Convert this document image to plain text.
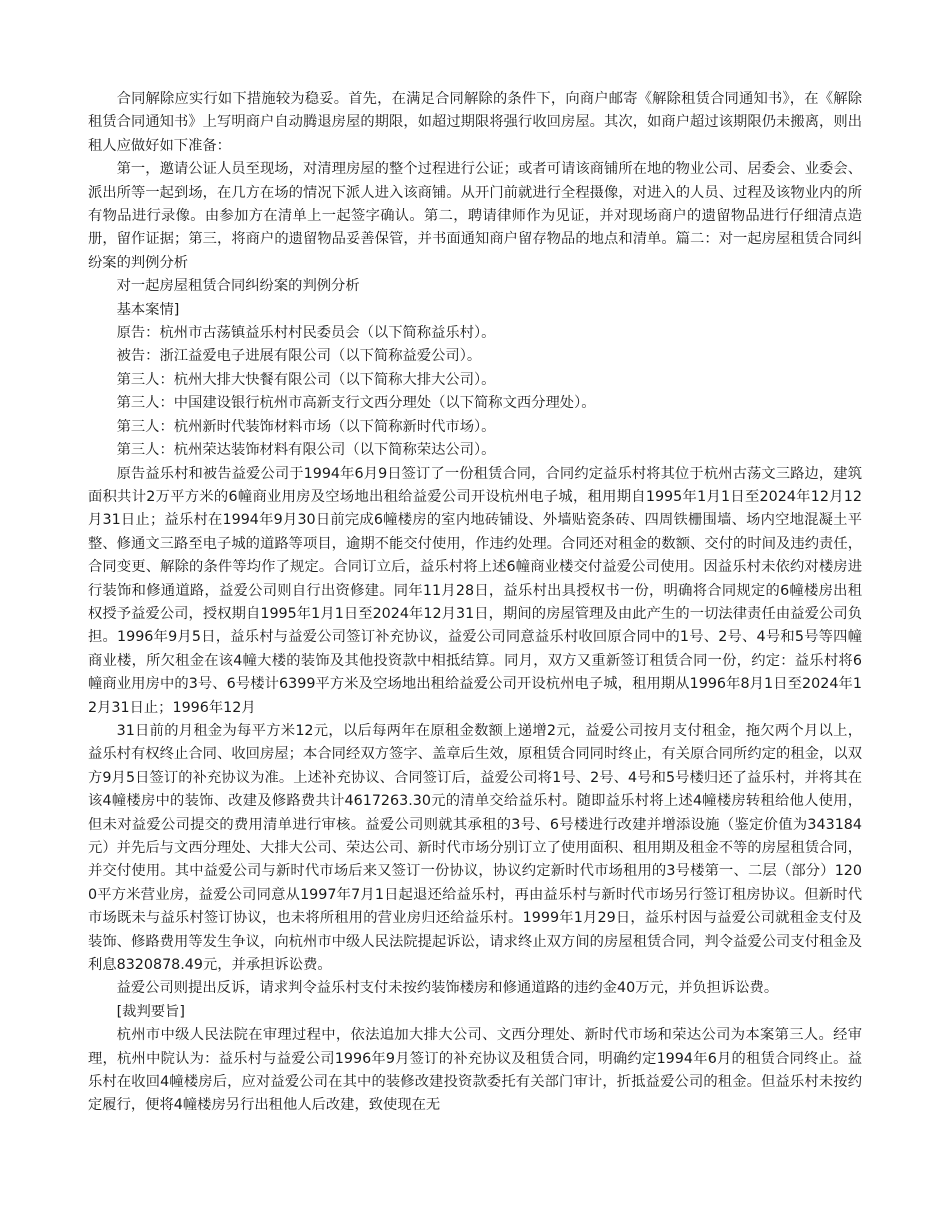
合同解除应实行如下措施较为稳妥。首先，在满足合同解除的条件下，向商户邮寄《解除租赁合同通知书》，在《解除租赁合同通知书》上写明商户自动腾退房屋的期限，如超过期限将强行收回房屋。其次，如商户超过该期限仍未搬离，则出租人应做好如下准备：

第一，邀请公证人员至现场，对清理房屋的整个过程进行公证；或者可请该商铺所在地的物业公司、居委会、业委会、派出所等一起到场，在几方在场的情况下派人进入该商铺。从开门前就进行全程摄像，对进入的人员、过程及该物业内的所有物品进行录像。由参加方在清单上一起签字确认。第二，聘请律师作为见证，并对现场商户的遗留物品进行仔细清点造册，留作证据；第三，将商户的遗留物品妥善保管，并书面通知商户留存物品的地点和清单。篇二：对一起房屋租赁合同纠纷案的判例分析

对一起房屋租赁合同纠纷案的判例分析

基本案情]

原告：杭州市古荡镇益乐村村民委员会（以下简称益乐村）。

被告：浙江益爱电子进展有限公司（以下简称益爱公司）。

第三人：杭州大排大快餐有限公司（以下简称大排大公司）。

第三人：中国建设银行杭州市高新支行文西分理处（以下简称文西分理处）。

第三人：杭州新时代装饰材料市场（以下简称新时代市场）。

第三人：杭州荣达装饰材料有限公司（以下简称荣达公司）。

原告益乐村和被告益爱公司于1994年6月9日签订了一份租赁合同，合同约定益乐村将其位于杭州古荡文三路边，建筑面积共计2万平方米的6幢商业用房及空场地出租给益爱公司开设杭州电子城，租用期自1995年1月1日至2024年12月12月31日止；益乐村在1994年9月30日前完成6幢楼房的室内地砖铺设、外墙贴瓷条砖、四周铁栅围墙、场内空地混凝土平整、修通文三路至电子城的道路等项目，逾期不能交付使用，作违约处理。合同还对租金的数额、交付的时间及违约责任，合同变更、解除的条件等均作了规定。合同订立后，益乐村将上述6幢商业楼交付益爱公司使用。因益乐村未依约对楼房进行装饰和修通道路，益爱公司则自行出资修建。同年11月28日，益乐村出具授权书一份，明确将合同规定的6幢楼房出租权授予益爱公司，授权期自1995年1月1日至2024年12月31日，期间的房屋管理及由此产生的一切法律责任由益爱公司负担。1996年9月5日，益乐村与益爱公司签订补充协议，益爱公司同意益乐村收回原合同中的1号、2号、4号和5号等四幢商业楼，所欠租金在该4幢大楼的装饰及其他投资款中相抵结算。同月，双方又重新签订租赁合同一份，约定：益乐村将6幢商业用房中的3号、6号楼计6399平方米及空场地出租给益爱公司开设杭州电子城，租用期从1996年8月1日至2024年12月31日止；1996年12月

31日前的月租金为每平方米12元，以后每两年在原租金数额上递增2元，益爱公司按月支付租金，拖欠两个月以上，益乐村有权终止合同、收回房屋；本合同经双方签字、盖章后生效，原租赁合同同时终止，有关原合同所约定的租金，以双方9月5日签订的补充协议为准。上述补充协议、合同签订后，益爱公司将1号、2号、4号和5号楼归还了益乐村，并将其在该4幢楼房中的装饰、改建及修路费共计4617263.30元的清单交给益乐村。随即益乐村将上述4幢楼房转租给他人使用，但未对益爱公司提交的费用清单进行审核。益爱公司则就其承租的3号、6号楼进行改建并增添设施（鉴定价值为343184元）并先后与文西分理处、大排大公司、荣达公司、新时代市场分别订立了使用面积、租用期及租金不等的房屋租赁合同，并交付使用。其中益爱公司与新时代市场后来又签订一份协议，协议约定新时代市场租用的3号楼第一、二层（部分）1200平方米营业房，益爱公司同意从1997年7月1日起退还给益乐村，再由益乐村与新时代市场另行签订租房协议。但新时代市场既未与益乐村签订协议，也未将所租用的营业房归还给益乐村。1999年1月29日，益乐村因与益爱公司就租金支付及装饰、修路费用等发生争议，向杭州市中级人民法院提起诉讼，请求终止双方间的房屋租赁合同，判令益爱公司支付租金及利息8320878.49元，并承担诉讼费。

益爱公司则提出反诉，请求判令益乐村支付未按约装饰楼房和修通道路的违约金40万元，并负担诉讼费。

[裁判要旨]

杭州市中级人民法院在审理过程中，依法追加大排大公司、文西分理处、新时代市场和荣达公司为本案第三人。经审理，杭州中院认为：益乐村与益爱公司1996年9月签订的补充协议及租赁合同，明确约定1994年6月的租赁合同终止。益乐村在收回4幢楼房后，应对益爱公司在其中的装修改建投资款委托有关部门审计，折抵益爱公司的租金。但益乐村未按约定履行，便将4幢楼房另行出租他人后改建，致使现在无
